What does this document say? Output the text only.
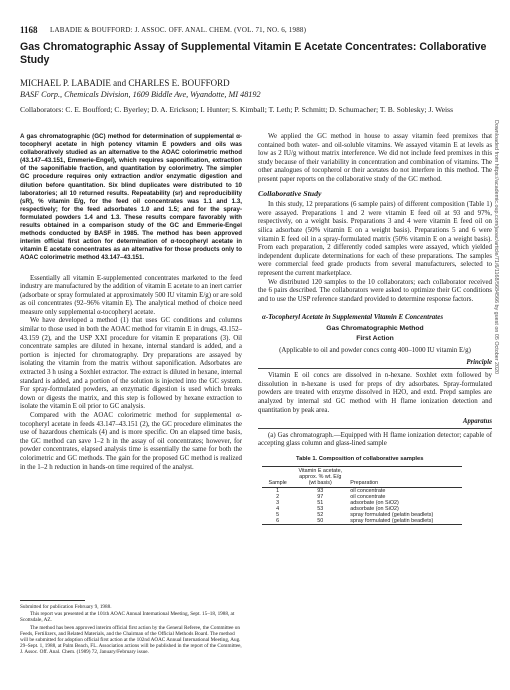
1168 LABADIE & BOUFFORD: J. ASSOC. OFF. ANAL. CHEM. (VOL. 71, NO. 6, 1988)
Gas Chromatographic Assay of Supplemental Vitamin E Acetate Concentrates: Collaborative Study
MICHAEL P. LABADIE and CHARLES E. BOUFFORD
BASF Corp., Chemicals Division, 1609 Biddle Ave, Wyandotte, MI 48192

Collaborators: C. E. Boufford; C. Byerley; D. A. Erickson; I. Hunter; S. Kimball; T. Leth; P. Schmitt; D. Schumacher; T. B. Soblesky; J. Weiss

A gas chromatographic (GC) method for determination of supplemental α-tocopheryl acetate in high potency vitamin E powders and oils was collaboratively studied as an alternative to the AOAC colorimetric method (43.147–43.151, Emmerie-Engel), which requires saponification, extraction of the saponifiable fraction, and quantitation by colorimetry. The simpler GC procedure requires only extraction and/or enzymatic digestion and dilution before quantitation. Six blind duplicates were distributed to 10 laboratories; all 10 returned results. Repeatability (sr) and reproducibility (sR), % vitamin E/g, for the feed oil concentrates was 1.1 and 1.3, respectively; for the feed adsorbates 1.0 and 1.5; and for the spray-formulated powders 1.4 and 1.3. These results compare favorably with results obtained in a comparison study of the GC and Emmerie-Engel methods conducted by BASF in 1985. The method has been approved interim official first action for determination of α-tocopheryl acetate in vitamin E acetate concentrates as an alternative for those products only to AOAC colorimetric method 43.147–43.151.

Essentially all vitamin E-supplemented concentrates marketed to the feed industry are manufactured by the addition of vitamin E acetate to an inert carrier (adsorbate or spray formulated at approximately 500 IU vitamin E/g) or are sold as oil concentrates (92–96% vitamin E). The analytical method of choice need measure only supplemental α-tocopheryl acetate.

We have developed a method (1) that uses GC conditions and columns similar to those used in both the AOAC method for vitamin E in drugs, 43.152–43.159 (2), and the USP XXI procedure for vitamin E preparations (3). Oil concentrate samples are diluted in hexane, internal standard is added, and a portion is injected for chromatography. Dry preparations are assayed by isolating the vitamin from the matrix without saponification. Adsorbates are extracted 3 h using a Soxhlet extractor. The extract is diluted in hexane, internal standard is added, and a portion of the solution is injected into the GC system. For spray-formulated powders, an enzymatic digestion is used which breaks down or digests the matrix, and this step is followed by hexane extraction to isolate the vitamin E oil prior to GC analysis.

Compared with the AOAC colorimetric method for supplemental α-tocopheryl acetate in feeds 43.147–43.151 (2), the GC procedure eliminates the use of hazardous chemicals (4) and is more specific. On an elapsed time basis, the GC method can save 1–2 h in the assay of oil concentrates; however, for powder concentrates, elapsed analysis time is essentially the same for both the colorimetric and GC methods. The gain for the proposed GC method is realized in the 1–2 h reduction in hands-on time required of the analyst.

Submitted for publication February 9, 1988.

This report was presented at the 101th AOAC Annual International Meeting, Sept. 15–18, 1988, at Scottsdale, AZ.

The method has been approved interim official first action by the General Referee, the Committee on Feeds, Fertilizers, and Related Materials, and the Chairman of the Official Methods Board. The method will be submitted for adoption official first action at the 102nd AOAC Annual International Meeting, Aug. 29–Sept. 1, 1988, at Palm Beach, FL. Association actions will be published in the report of the Committee, J. Assoc. Off. Anal. Chem. (1989) 72, January/February issue.

We applied the GC method in house to assay vitamin feed premixes that contained both water- and oil-soluble vitamins. We assayed vitamin E at levels as low as 2 IU/g without matrix interference. We did not include feed premixes in this study because of their variability in concentration and combination of vitamins. The other analogues of tocopherol or their acetates do not interfere in this method. The present paper reports on the collaborative study of the GC method.

Collaborative Study

In this study, 12 preparations (6 sample pairs) of different composition (Table 1) were assayed. Preparations 1 and 2 were vitamin E feed oil at 93 and 97%, respectively, on a weight basis. Preparations 3 and 4 were vitamin E feed oil on silica adsorbate (50% vitamin E on a weight basis). Preparations 5 and 6 were vitamin E feed oil in a spray-formulated matrix (50% vitamin E on a weight basis). From each preparation, 2 differently coded samples were assayed, which yielded independent duplicate determinations for each of these preparations. The samples were commercial feed grade products from several manufacturers, selected to represent the current marketplace.

We distributed 120 samples to the 10 collaborators; each collaborator received the 6 pairs described. The collaborators were asked to optimize their GC conditions and to use the USP reference standard provided to determine response factors.

α-Tocopheryl Acetate in Supplemental Vitamin E Concentrates
Gas Chromatographic Method
First Action
(Applicable to oil and powder concs contg 400–1000 IU vitamin E/g)
Principle

Vitamin E oil concs are dissolved in n-hexane. Soxhlet extn followed by dissolution in n-hexane is used for preps of dry adsorbates. Spray-formulated powders are treated with enzyme dissolved in H2O, and extd. Prepd samples are analyzed by internal std GC method with H flame ionization detection and quantitation by peak area.

Apparatus

(a) Gas chromatograph.—Equipped with H flame ionization detector; capable of accepting glass column and glass-lined sample

Table 1. Composition of collaborative samples
Sample	Vitamin E acetate, approx. % wt. E/g (wt basis)	Preparation
1	93	oil concentrate
2	97	oil concentrate
3	51	adsorbate (on SiO2)
4	53	adsorbate (on SiO2)
5	52	spray formulated (gelatin beadlets)
6	50	spray formulated (gelatin beadlets)
Downloaded from https://academic.oup.com/jaoac/article/71/6/1168/5684566 by guest on 05 October 2020
